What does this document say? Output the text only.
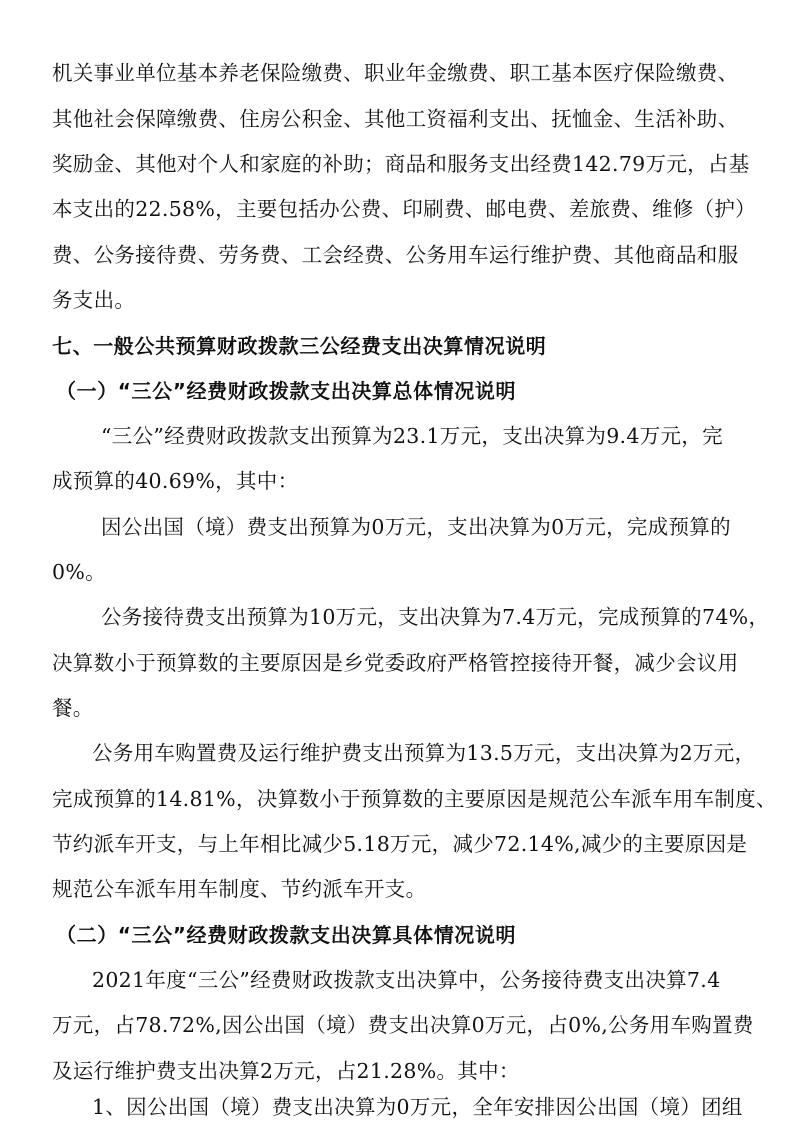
机关事业单位基本养老保险缴费、职业年金缴费、职工基本医疗保险缴费、
其他社会保障缴费、住房公积金、其他工资福利支出、抚恤金、生活补助、
奖励金、其他对个人和家庭的补助；商品和服务支出经费142.79万元，占基
本支出的22.58%，主要包括办公费、印刷费、邮电费、差旅费、维修（护）
费、公务接待费、劳务费、工会经费、公务用车运行维护费、其他商品和服
务支出。
七、一般公共预算财政拨款三公经费支出决算情况说明
（一）“三公”经费财政拨款支出决算总体情况说明
“三公”经费财政拨款支出预算为23.1万元，支出决算为9.4万元，完
成预算的40.69%，其中：
因公出国（境）费支出预算为0万元，支出决算为0万元，完成预算的
0%。
公务接待费支出预算为10万元，支出决算为7.4万元，完成预算的74%，
决算数小于预算数的主要原因是乡党委政府严格管控接待开餐，减少会议用
餐。
公务用车购置费及运行维护费支出预算为13.5万元，支出决算为2万元，
完成预算的14.81%，决算数小于预算数的主要原因是规范公车派车用车制度、
节约派车开支，与上年相比减少5.18万元，减少72.14%,减少的主要原因是
规范公车派车用车制度、节约派车开支。
（二）“三公”经费财政拨款支出决算具体情况说明
2021年度“三公”经费财政拨款支出决算中，公务接待费支出决算7.4
万元，占78.72%,因公出国（境）费支出决算0万元，占0%,公务用车购置费
及运行维护费支出决算2万元，占21.28%。其中：
1、因公出国（境）费支出决算为0万元，全年安排因公出国（境）团组
